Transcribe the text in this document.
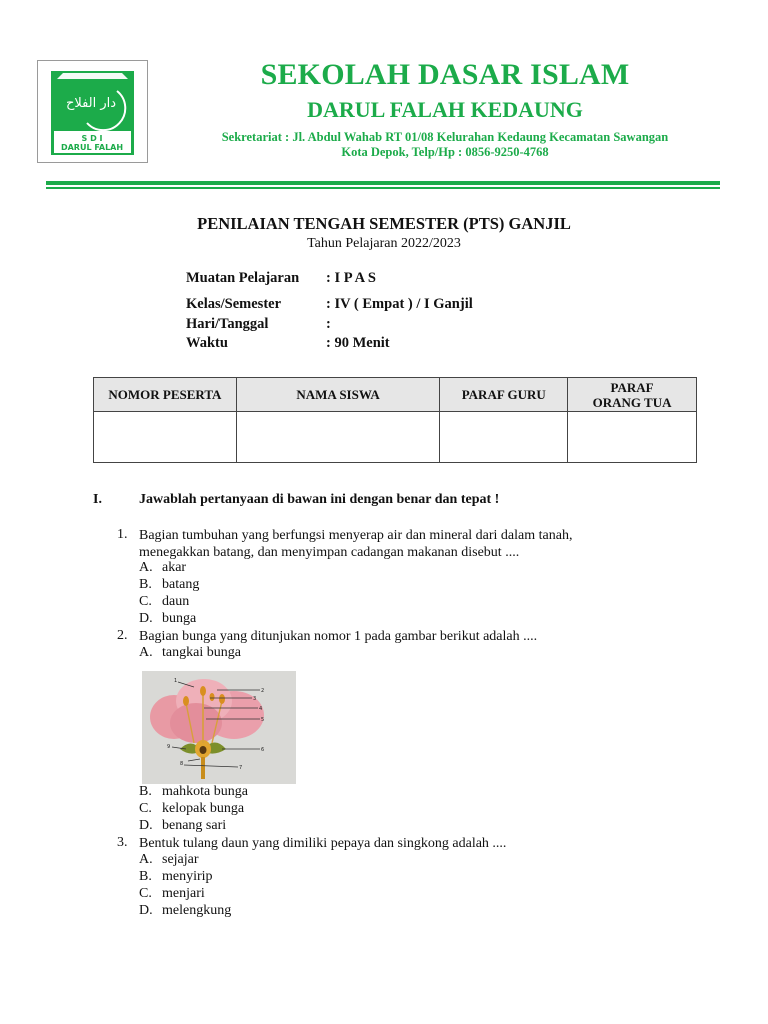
دار الفلاح
S D I
DARUL FALAH
SEKOLAH DASAR ISLAM
DARUL FALAH KEDAUNG
Sekretariat : Jl. Abdul Wahab RT 01/08 Kelurahan Kedaung Kecamatan Sawangan
Kota Depok, Telp/Hp : 0856-9250-4768
PENILAIAN TENGAH SEMESTER (PTS) GANJIL
Tahun Pelajaran 2022/2023
Muatan Pelajaran : I P A S
Kelas/Semester	: IV ( Empat ) / I Ganjil
Hari/Tanggal	:
Waktu	: 90 Menit
NOMOR PESERTA	NAMA SISWA	PARAF GURU	PARAF
ORANG TUA

I.	Jawablah pertanyaan di bawan ini dengan benar dan tepat !
1. Bagian tumbuhan yang berfungsi menyerap air dan mineral dari dalam tanah,
menegakkan batang, dan menyimpan cadangan makanan disebut ....
A. akar
B. batang
C. daun
D. bunga
2. Bagian bunga yang ditunjukan nomor 1 pada gambar berikut adalah ....
A. tangkai bunga
1
2
3
4
5
6
7
8
9
B. mahkota bunga
C. kelopak bunga
D. benang sari
3. Bentuk tulang daun yang dimiliki pepaya dan singkong adalah ....
A. sejajar
B. menyirip
C. menjari
D. melengkung
